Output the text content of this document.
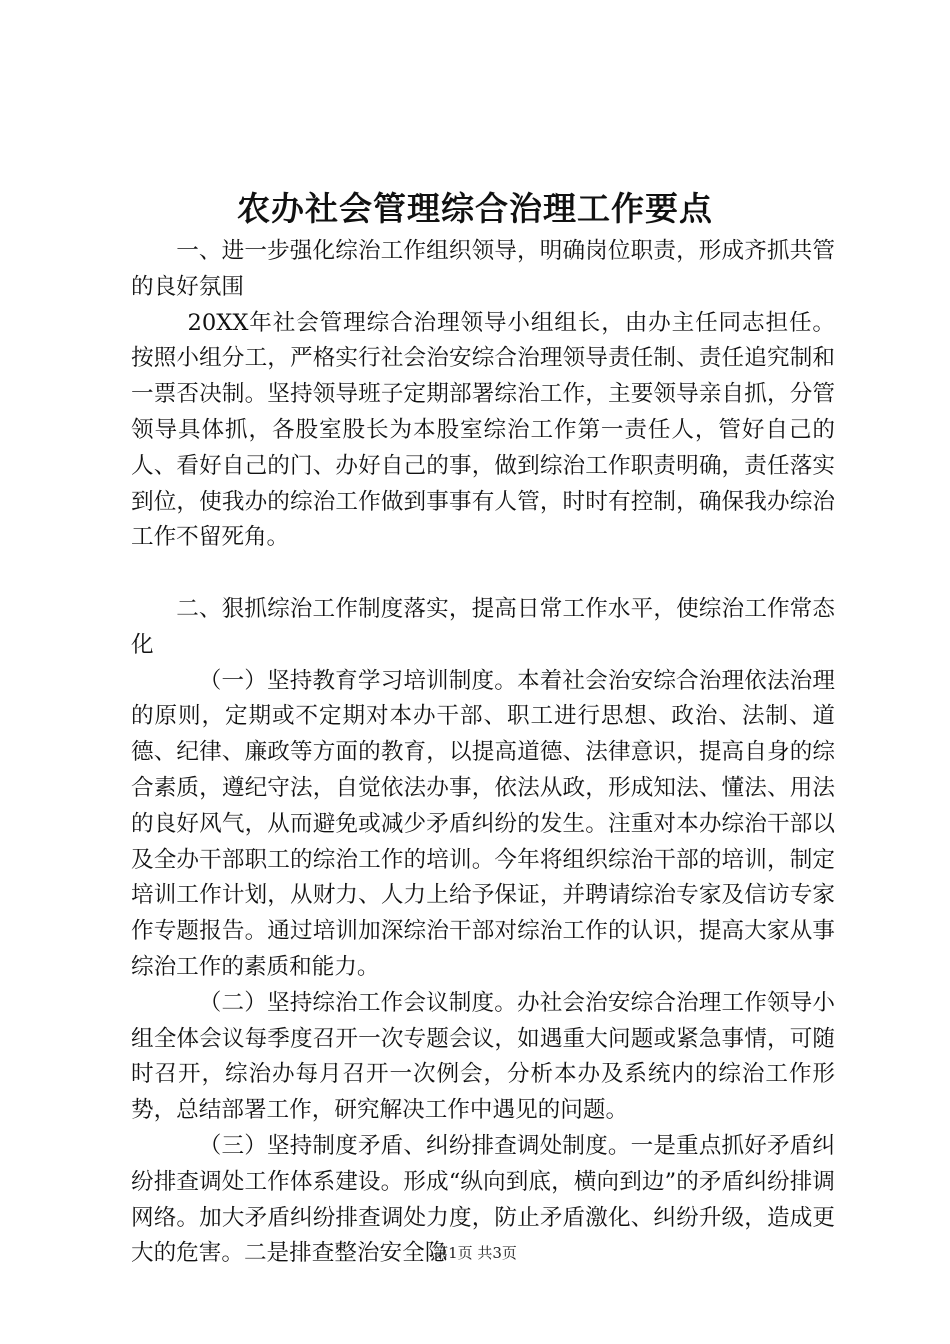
农办社会管理综合治理工作要点

一、进一步强化综治工作组织领导，明确岗位职责，形成齐抓共管的良好氛围

20XX年社会管理综合治理领导小组组长，由办主任同志担任。按照小组分工，严格实行社会治安综合治理领导责任制、责任追究制和一票否决制。坚持领导班子定期部署综治工作，主要领导亲自抓，分管领导具体抓，各股室股长为本股室综治工作第一责任人，管好自己的人、看好自己的门、办好自己的事，做到综治工作职责明确，责任落实到位，使我办的综治工作做到事事有人管，时时有控制，确保我办综治工作不留死角。

二、狠抓综治工作制度落实，提高日常工作水平，使综治工作常态化

（一）坚持教育学习培训制度。本着社会治安综合治理依法治理的原则，定期或不定期对本办干部、职工进行思想、政治、法制、道德、纪律、廉政等方面的教育，以提高道德、法律意识，提高自身的综合素质，遵纪守法，自觉依法办事，依法从政，形成知法、懂法、用法的良好风气，从而避免或减少矛盾纠纷的发生。注重对本办综治干部以及全办干部职工的综治工作的培训。今年将组织综治干部的培训，制定培训工作计划，从财力、人力上给予保证，并聘请综治专家及信访专家作专题报告。通过培训加深综治干部对综治工作的认识，提高大家从事综治工作的素质和能力。

（二）坚持综治工作会议制度。办社会治安综合治理工作领导小组全体会议每季度召开一次专题会议，如遇重大问题或紧急事情，可随时召开，综治办每月召开一次例会，分析本办及系统内的综治工作形势，总结部署工作，研究解决工作中遇见的问题。

（三）坚持制度矛盾、纠纷排查调处制度。一是重点抓好矛盾纠纷排查调处工作体系建设。形成“纵向到底，横向到边”的矛盾纠纷排调网络。加大矛盾纠纷排查调处力度，防止矛盾激化、纠纷升级，造成更大的危害。二是排查整治安全隐

第1页 共3页
